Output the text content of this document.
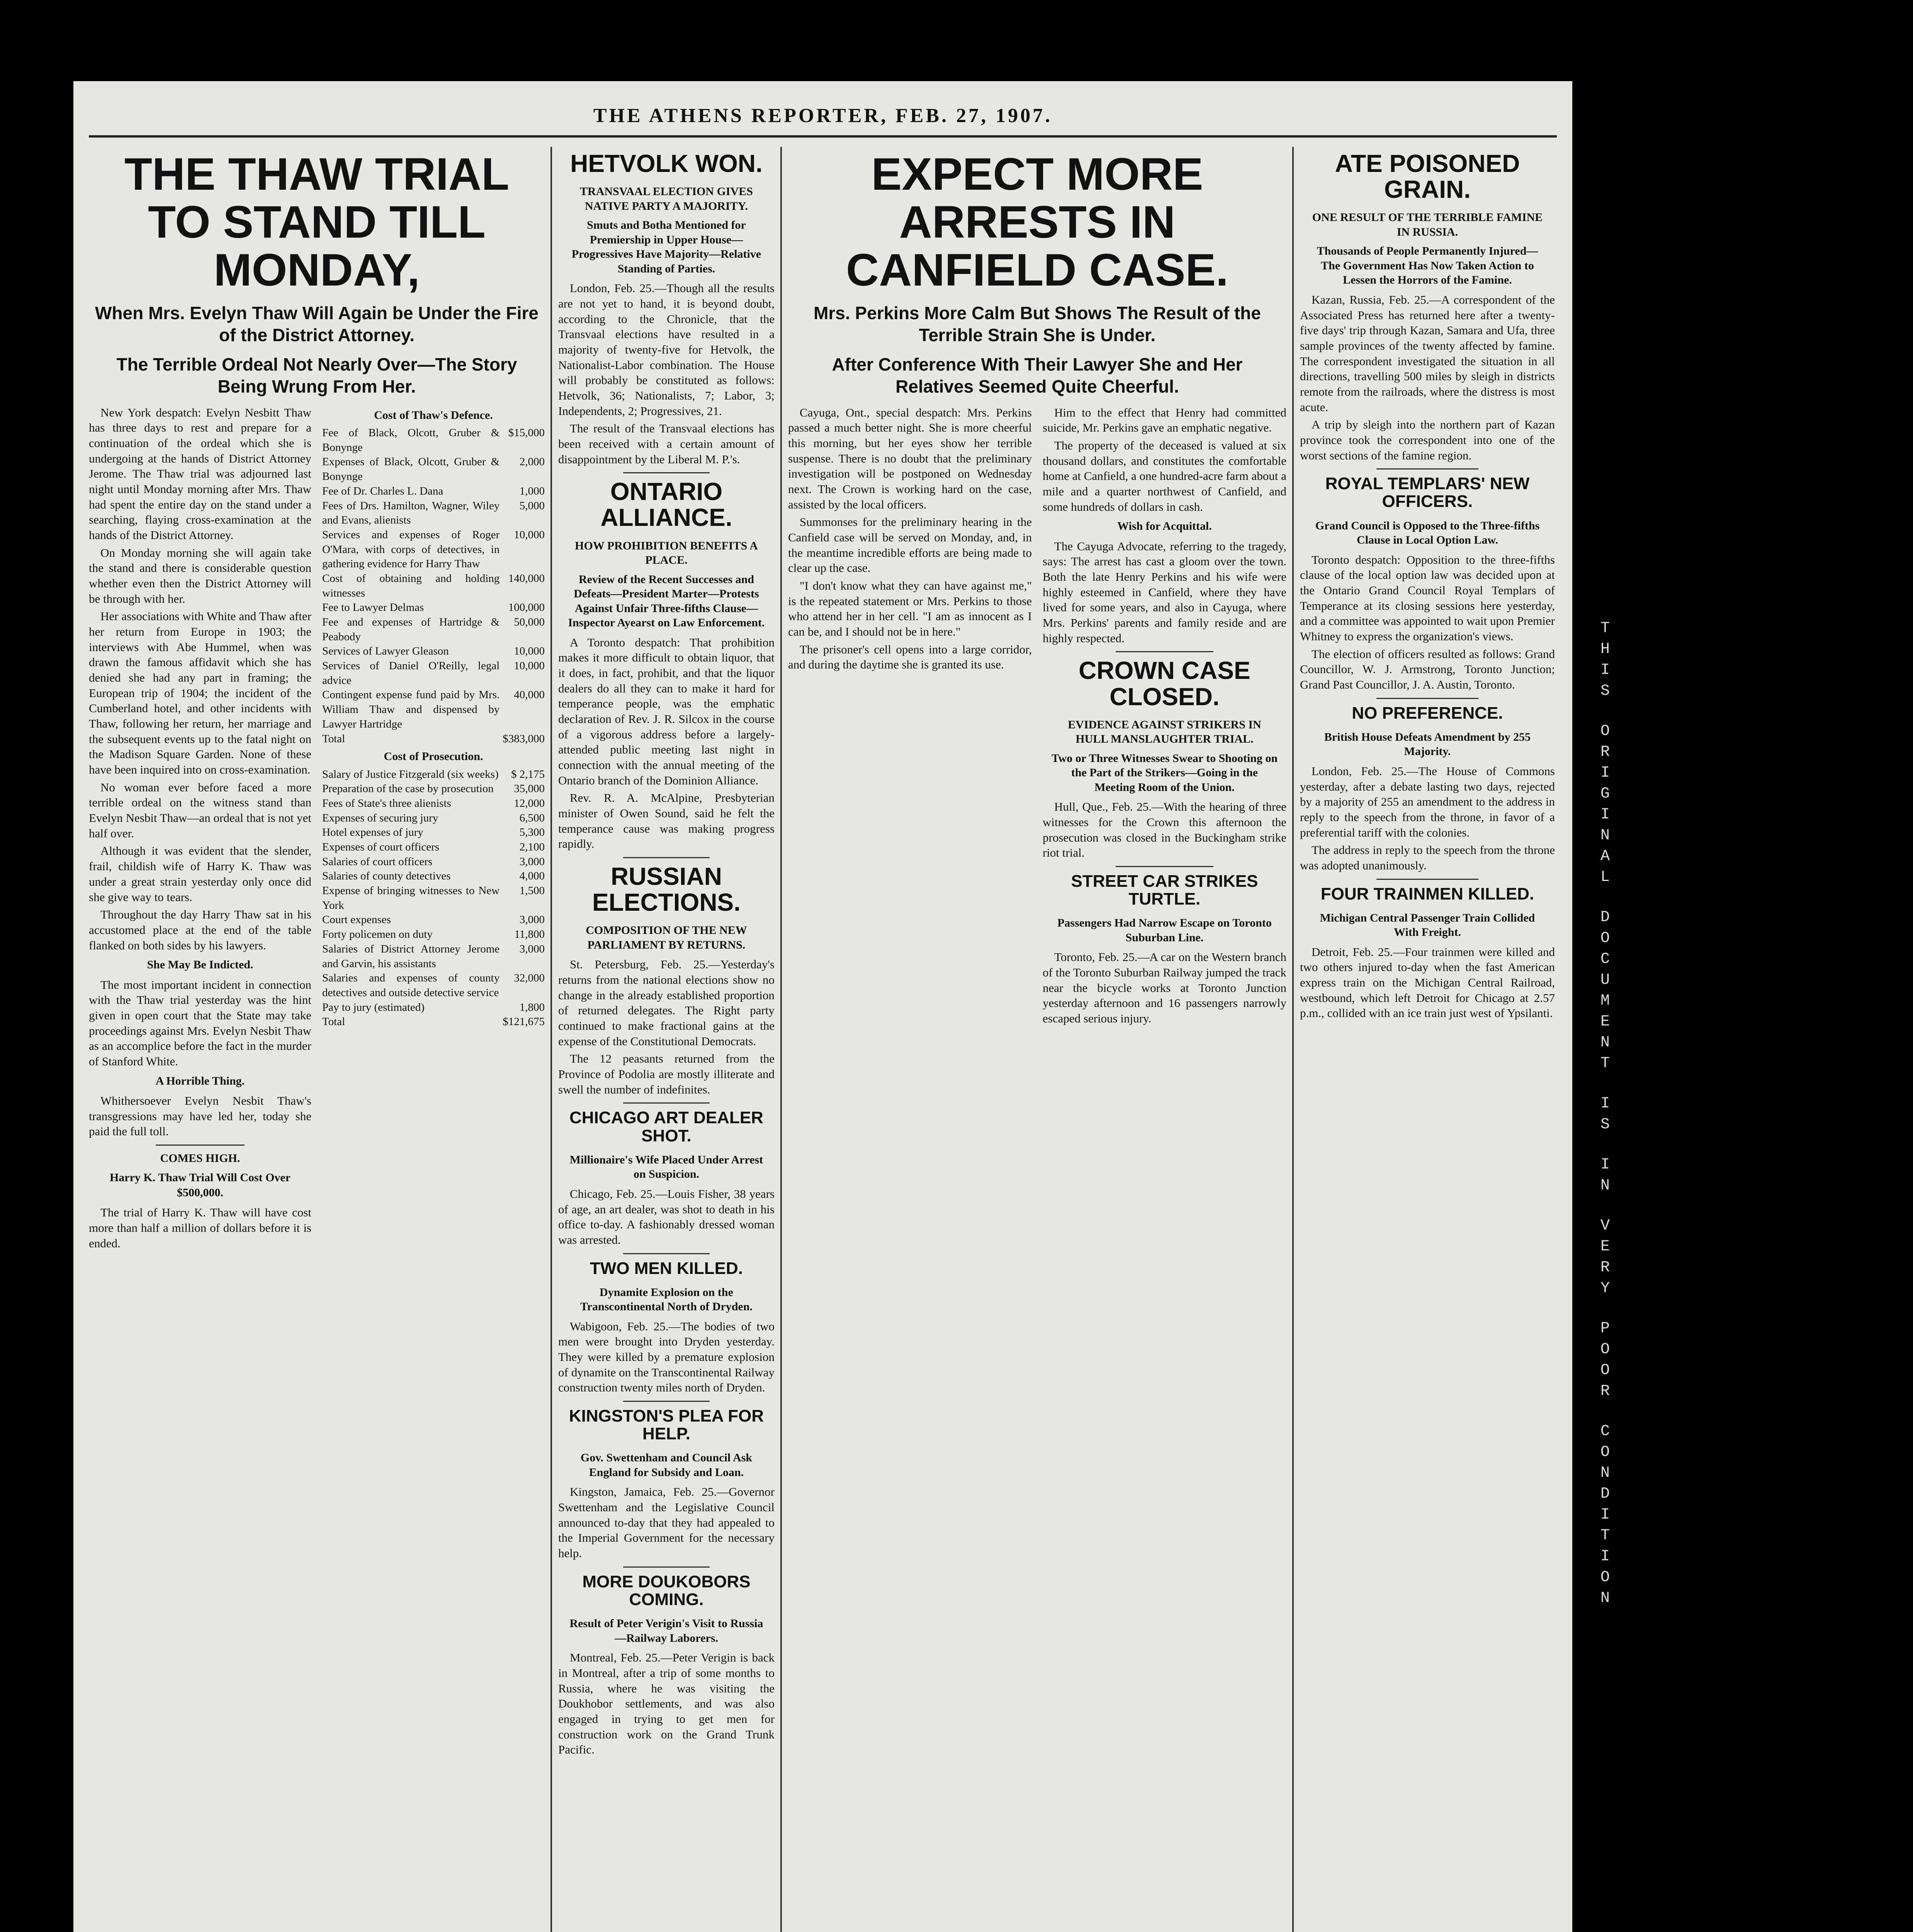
THE ATHENS REPORTER, FEB. 27, 1907.
THE THAW TRIAL TO STAND TILL MONDAY,
When Mrs. Evelyn Thaw Will Again be Under the Fire of the District Attorney.
The Terrible Ordeal Not Nearly Over—The Story Being Wrung From Her.

New York despatch: Evelyn Nesbitt Thaw has three days to rest and prepare for a continuation of the ordeal which she is undergoing at the hands of District Attorney Jerome. The Thaw trial was adjourned last night until Monday morning after Mrs. Thaw had spent the entire day on the stand under a searching, flaying cross-examination at the hands of the District Attorney.

On Monday morning she will again take the stand and there is considerable question whether even then the District Attorney will be through with her.

Her associations with White and Thaw after her return from Europe in 1903; the interviews with Abe Hummel, when was drawn the famous affidavit which she has denied she had any part in framing; the European trip of 1904; the incident of the Cumberland hotel, and other incidents with Thaw, following her return, her marriage and the subsequent events up to the fatal night on the Madison Square Garden. None of these have been inquired into on cross-examination.

No woman ever before faced a more terrible ordeal on the witness stand than Evelyn Nesbit Thaw—an ordeal that is not yet half over.

Although it was evident that the slender, frail, childish wife of Harry K. Thaw was under a great strain yesterday only once did she give way to tears.

Throughout the day Harry Thaw sat in his accustomed place at the end of the table flanked on both sides by his lawyers.

She May Be Indicted.

The most important incident in connection with the Thaw trial yesterday was the hint given in open court that the State may take proceedings against Mrs. Evelyn Nesbit Thaw as an accomplice before the fact in the murder of Stanford White.

A Horrible Thing.

Whithersoever Evelyn Nesbit Thaw's transgressions may have led her, today she paid the full toll.

COMES HIGH.
Harry K. Thaw Trial Will Cost Over $500,000.

The trial of Harry K. Thaw will have cost more than half a million of dollars before it is ended.

Cost of Thaw's Defence.
Fee of Black, Olcott, Gruber & Bonynge	$15,000
Expenses of Black, Olcott, Gruber & Bonynge	2,000
Fee of Dr. Charles L. Dana	1,000
Fees of Drs. Hamilton, Wagner, Wiley and Evans, alienists	5,000
Services and expenses of Roger O'Mara, with corps of detectives, in gathering evidence for Harry Thaw	10,000
Cost of obtaining and holding witnesses	140,000
Fee to Lawyer Delmas	100,000
Fee and expenses of Hartridge & Peabody	50,000
Services of Lawyer Gleason	10,000
Services of Daniel O'Reilly, legal advice	10,000
Contingent expense fund paid by Mrs. William Thaw and dispensed by Lawyer Hartridge	40,000
Total	$383,000
Cost of Prosecution.
Salary of Justice Fitzgerald (six weeks)	$ 2,175
Preparation of the case by prosecution	35,000
Fees of State's three alienists	12,000
Expenses of securing jury	6,500
Hotel expenses of jury	5,300
Expenses of court officers	2,100
Salaries of court officers	3,000
Salaries of county detectives	4,000
Expense of bringing witnesses to New York	1,500
Court expenses	3,000
Forty policemen on duty	11,800
Salaries of District Attorney Jerome and Garvin, his assistants	3,000
Salaries and expenses of county detectives and outside detective service	32,000
Pay to jury (estimated)	1,800
Total	$121,675
HETVOLK WON.
TRANSVAAL ELECTION GIVES NATIVE PARTY A MAJORITY.
Smuts and Botha Mentioned for Premiership in Upper House—Progressives Have Majority—Relative Standing of Parties.

London, Feb. 25.—Though all the results are not yet to hand, it is beyond doubt, according to the Chronicle, that the Transvaal elections have resulted in a majority of twenty-five for Hetvolk, the Nationalist-Labor combination. The House will probably be constituted as follows: Hetvolk, 36; Nationalists, 7; Labor, 3; Independents, 2; Progressives, 21.

The result of the Transvaal elections has been received with a certain amount of disappointment by the Liberal M. P.'s.

ONTARIO ALLIANCE.
HOW PROHIBITION BENEFITS A PLACE.
Review of the Recent Successes and Defeats—President Marter—Protests Against Unfair Three-fifths Clause—Inspector Ayearst on Law Enforcement.

A Toronto despatch: That prohibition makes it more difficult to obtain liquor, that it does, in fact, prohibit, and that the liquor dealers do all they can to make it hard for temperance people, was the emphatic declaration of Rev. J. R. Silcox in the course of a vigorous address before a largely-attended public meeting last night in connection with the annual meeting of the Ontario branch of the Dominion Alliance.

Rev. R. A. McAlpine, Presbyterian minister of Owen Sound, said he felt the temperance cause was making progress rapidly.

RUSSIAN ELECTIONS.
COMPOSITION OF THE NEW PARLIAMENT BY RETURNS.

St. Petersburg, Feb. 25.—Yesterday's returns from the national elections show no change in the already established proportion of returned delegates. The Right party continued to make fractional gains at the expense of the Constitutional Democrats.

The 12 peasants returned from the Province of Podolia are mostly illiterate and swell the number of indefinites.

CHICAGO ART DEALER SHOT.
Millionaire's Wife Placed Under Arrest on Suspicion.

Chicago, Feb. 25.—Louis Fisher, 38 years of age, an art dealer, was shot to death in his office to-day. A fashionably dressed woman was arrested.

TWO MEN KILLED.
Dynamite Explosion on the Transcontinental North of Dryden.

Wabigoon, Feb. 25.—The bodies of two men were brought into Dryden yesterday. They were killed by a premature explosion of dynamite on the Transcontinental Railway construction twenty miles north of Dryden.

KINGSTON'S PLEA FOR HELP.
Gov. Swettenham and Council Ask England for Subsidy and Loan.

Kingston, Jamaica, Feb. 25.—Governor Swettenham and the Legislative Council announced to-day that they had appealed to the Imperial Government for the necessary help.

MORE DOUKOBORS COMING.
Result of Peter Verigin's Visit to Russia—Railway Laborers.

Montreal, Feb. 25.—Peter Verigin is back in Montreal, after a trip of some months to Russia, where he was visiting the Doukhobor settlements, and was also engaged in trying to get men for construction work on the Grand Trunk Pacific.

EXPECT MORE ARRESTS IN CANFIELD CASE.
Mrs. Perkins More Calm But Shows The Result of the Terrible Strain She is Under.
After Conference With Their Lawyer She and Her Relatives Seemed Quite Cheerful.

Cayuga, Ont., special despatch: Mrs. Perkins passed a much better night. She is more cheerful this morning, but her eyes show her terrible suspense. There is no doubt that the preliminary investigation will be postponed on Wednesday next. The Crown is working hard on the case, assisted by the local officers.

Summonses for the preliminary hearing in the Canfield case will be served on Monday, and, in the meantime incredible efforts are being made to clear up the case.

"I don't know what they can have against me," is the repeated statement or Mrs. Perkins to those who attend her in her cell. "I am as innocent as I can be, and I should not be in here."

The prisoner's cell opens into a large corridor, and during the daytime she is granted its use.

Him to the effect that Henry had committed suicide, Mr. Perkins gave an emphatic negative.

The property of the deceased is valued at six thousand dollars, and constitutes the comfortable home at Canfield, a one hundred-acre farm about a mile and a quarter northwest of Canfield, and some hundreds of dollars in cash.

Wish for Acquittal.

The Cayuga Advocate, referring to the tragedy, says: The arrest has cast a gloom over the town. Both the late Henry Perkins and his wife were highly esteemed in Canfield, where they have lived for some years, and also in Cayuga, where Mrs. Perkins' parents and family reside and are highly respected.

CROWN CASE CLOSED.
EVIDENCE AGAINST STRIKERS IN HULL MANSLAUGHTER TRIAL.
Two or Three Witnesses Swear to Shooting on the Part of the Strikers—Going in the Meeting Room of the Union.

Hull, Que., Feb. 25.—With the hearing of three witnesses for the Crown this afternoon the prosecution was closed in the Buckingham strike riot trial.

STREET CAR STRIKES TURTLE.
Passengers Had Narrow Escape on Toronto Suburban Line.

Toronto, Feb. 25.—A car on the Western branch of the Toronto Suburban Railway jumped the track near the bicycle works at Toronto Junction yesterday afternoon and 16 passengers narrowly escaped serious injury.

ATE POISONED GRAIN.
ONE RESULT OF THE TERRIBLE FAMINE IN RUSSIA.
Thousands of People Permanently Injured—The Government Has Now Taken Action to Lessen the Horrors of the Famine.

Kazan, Russia, Feb. 25.—A correspondent of the Associated Press has returned here after a twenty-five days' trip through Kazan, Samara and Ufa, three sample provinces of the twenty affected by famine. The correspondent investigated the situation in all directions, travelling 500 miles by sleigh in districts remote from the railroads, where the distress is most acute.

A trip by sleigh into the northern part of Kazan province took the correspondent into one of the worst sections of the famine region.

ROYAL TEMPLARS' NEW OFFICERS.
Grand Council is Opposed to the Three-fifths Clause in Local Option Law.

Toronto despatch: Opposition to the three-fifths clause of the local option law was decided upon at the Ontario Grand Council Royal Templars of Temperance at its closing sessions here yesterday, and a committee was appointed to wait upon Premier Whitney to express the organization's views.

The election of officers resulted as follows: Grand Councillor, W. J. Armstrong, Toronto Junction; Grand Past Councillor, J. A. Austin, Toronto.

NO PREFERENCE.
British House Defeats Amendment by 255 Majority.

London, Feb. 25.—The House of Commons yesterday, after a debate lasting two days, rejected by a majority of 255 an amendment to the address in reply to the speech from the throne, in favor of a preferential tariff with the colonies.

The address in reply to the speech from the throne was adopted unanimously.

FOUR TRAINMEN KILLED.
Michigan Central Passenger Train Collided With Freight.

Detroit, Feb. 25.—Four trainmen were killed and two others injured to-day when the fast American express train on the Michigan Central Railroad, westbound, which left Detroit for Chicago at 2.57 p.m., collided with an ice train just west of Ypsilanti.

T
H
I
S
O
R
I
G
I
N
A
L
D
O
C
U
M
E
N
T
I
S
I
N
V
E
R
Y
P
O
O
R
C
O
N
D
I
T
I
O
N
